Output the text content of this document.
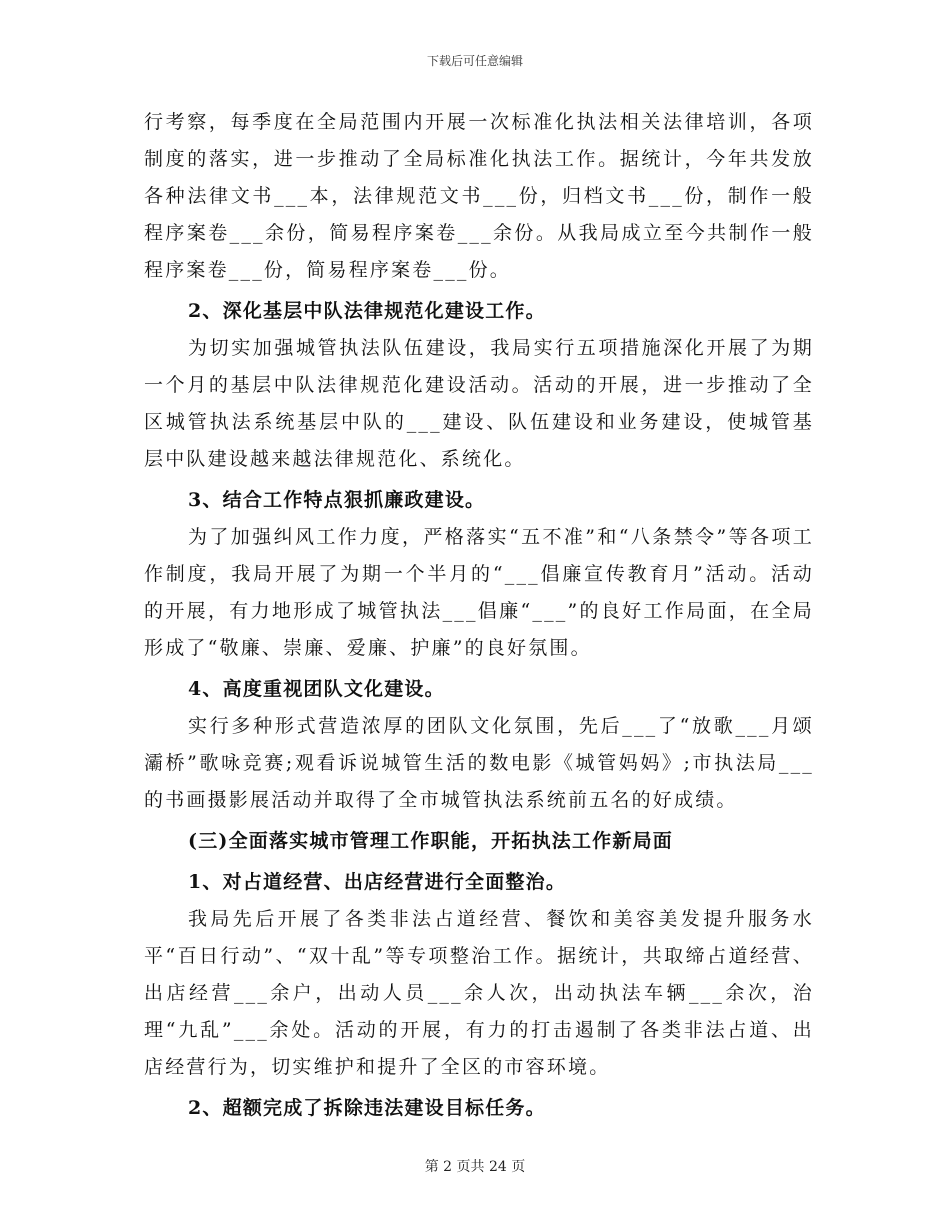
下载后可任意编辑

行考察，每季度在全局范围内开展一次标准化执法相关法律培训，各项制度的落实，进一步推动了全局标准化执法工作。据统计，今年共发放各种法律文书___本，法律规范文书___份，归档文书___份，制作一般程序案卷___余份，简易程序案卷___余份。从我局成立至今共制作一般程序案卷___份，简易程序案卷___份。

2、深化基层中队法律规范化建设工作。

为切实加强城管执法队伍建设，我局实行五项措施深化开展了为期一个月的基层中队法律规范化建设活动。活动的开展，进一步推动了全区城管执法系统基层中队的___建设、队伍建设和业务建设，使城管基层中队建设越来越法律规范化、系统化。

3、结合工作特点狠抓廉政建设。

为了加强纠风工作力度，严格落实“五不准”和“八条禁令”等各项工作制度，我局开展了为期一个半月的“___倡廉宣传教育月”活动。活动的开展，有力地形成了城管执法___倡廉“___”的良好工作局面，在全局形成了“敬廉、崇廉、爱廉、护廉”的良好氛围。

4、高度重视团队文化建设。

实行多种形式营造浓厚的团队文化氛围，先后___了“放歌___月颂灞桥”歌咏竞赛;观看诉说城管生活的数电影《城管妈妈》;市执法局___的书画摄影展活动并取得了全市城管执法系统前五名的好成绩。

(三)全面落实城市管理工作职能，开拓执法工作新局面

1、对占道经营、出店经营进行全面整治。

我局先后开展了各类非法占道经营、餐饮和美容美发提升服务水平“百日行动”、“双十乱”等专项整治工作。据统计，共取缔占道经营、出店经营___余户，出动人员___余人次，出动执法车辆___余次，治理“九乱”___余处。活动的开展，有力的打击遏制了各类非法占道、出店经营行为，切实维护和提升了全区的市容环境。

2、超额完成了拆除违法建设目标任务。

第 2 页共 24 页
